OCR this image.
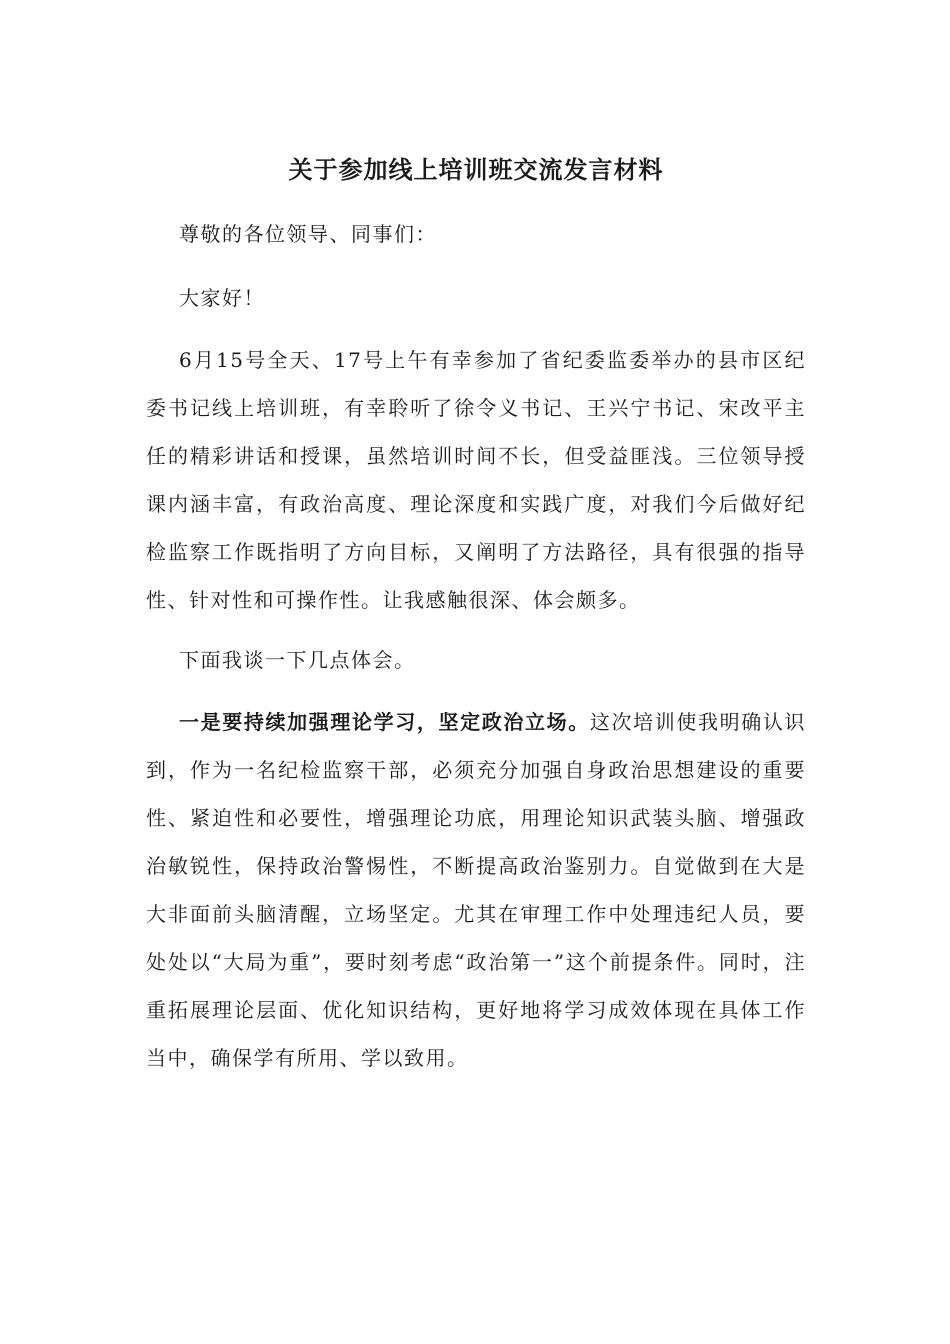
关于参加线上培训班交流发言材料

尊敬的各位领导、同事们：

大家好！

6月15号全天、17号上午有幸参加了省纪委监委举办的县市区纪委书记线上培训班，有幸聆听了徐令义书记、王兴宁书记、宋改平主任的精彩讲话和授课，虽然培训时间不长，但受益匪浅。三位领导授课内涵丰富，有政治高度、理论深度和实践广度，对我们今后做好纪检监察工作既指明了方向目标，又阐明了方法路径，具有很强的指导性、针对性和可操作性。让我感触很深、体会颇多。

下面我谈一下几点体会。

一是要持续加强理论学习，坚定政治立场。这次培训使我明确认识到，作为一名纪检监察干部，必须充分加强自身政治思想建设的重要性、紧迫性和必要性，增强理论功底，用理论知识武装头脑、增强政治敏锐性，保持政治警惕性，不断提高政治鉴别力。自觉做到在大是大非面前头脑清醒，立场坚定。尤其在审理工作中处理违纪人员，要处处以“大局为重”，要时刻考虑“政治第一”这个前提条件。同时，注重拓展理论层面、优化知识结构，更好地将学习成效体现在具体工作当中，确保学有所用、学以致用。
